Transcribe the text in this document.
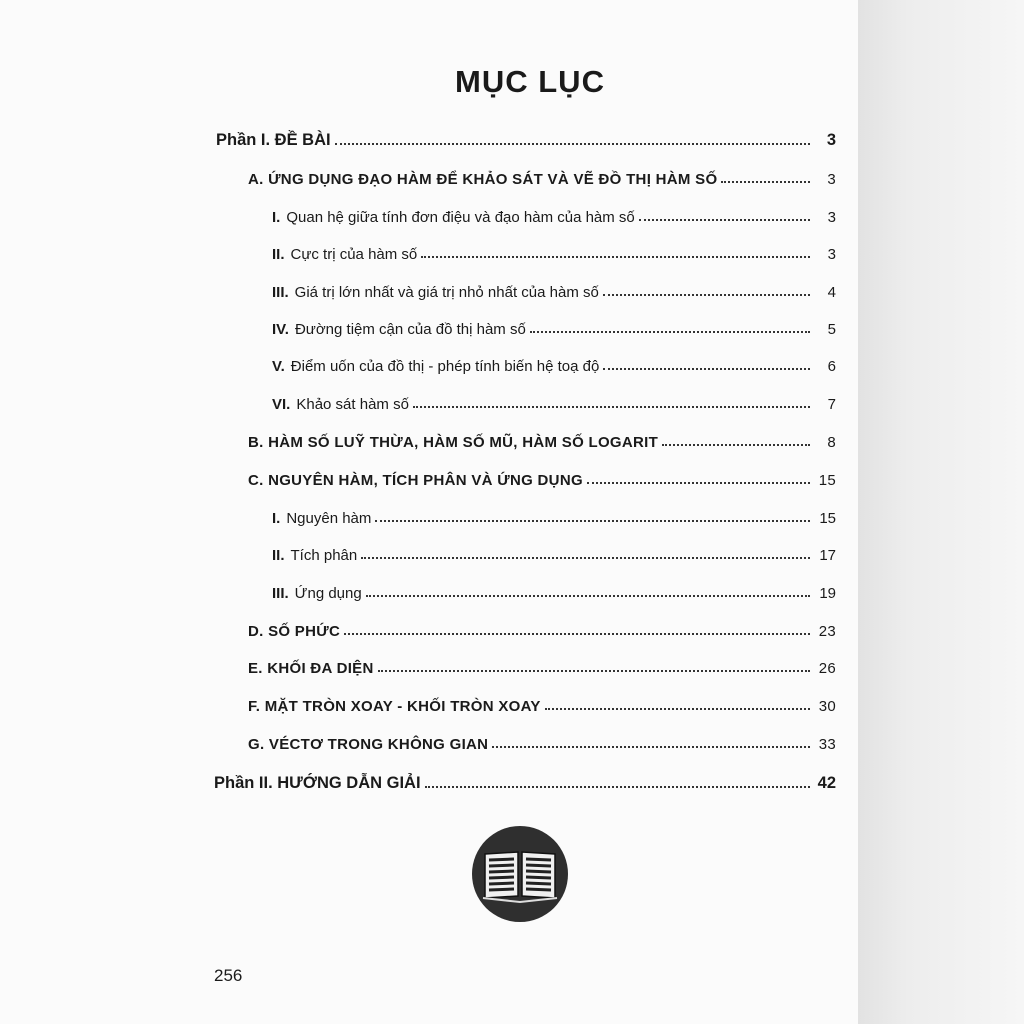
MỤC LỤC
Phần I. ĐỀ BÀI	3
A. ỨNG DỤNG ĐẠO HÀM ĐỂ KHẢO SÁT VÀ VẼ ĐỒ THỊ HÀM SỐ	3
I. Quan hệ giữa tính đơn điệu và đạo hàm của hàm số	3
II. Cực trị của hàm số	3
III. Giá trị lớn nhất và giá trị nhỏ nhất của hàm số	4
IV. Đường tiệm cận của đồ thị hàm số	5
V. Điểm uốn của đồ thị - phép tính biến hệ toạ độ	6
VI. Khảo sát hàm số	7
B. HÀM SỐ LUỸ THỪA, HÀM SỐ MŨ, HÀM SỐ LOGARIT	8
C. NGUYÊN HÀM, TÍCH PHÂN VÀ ỨNG DỤNG	15
I. Nguyên hàm	15
II. Tích phân	17
III. Ứng dụng	19
D. SỐ PHỨC	23
E. KHỐI ĐA DIỆN	26
F. MẶT TRÒN XOAY - KHỐI TRÒN XOAY	30
G. VÉCTƠ TRONG KHÔNG GIAN	33
Phần II. HƯỚNG DẪN GIẢI	42
256
